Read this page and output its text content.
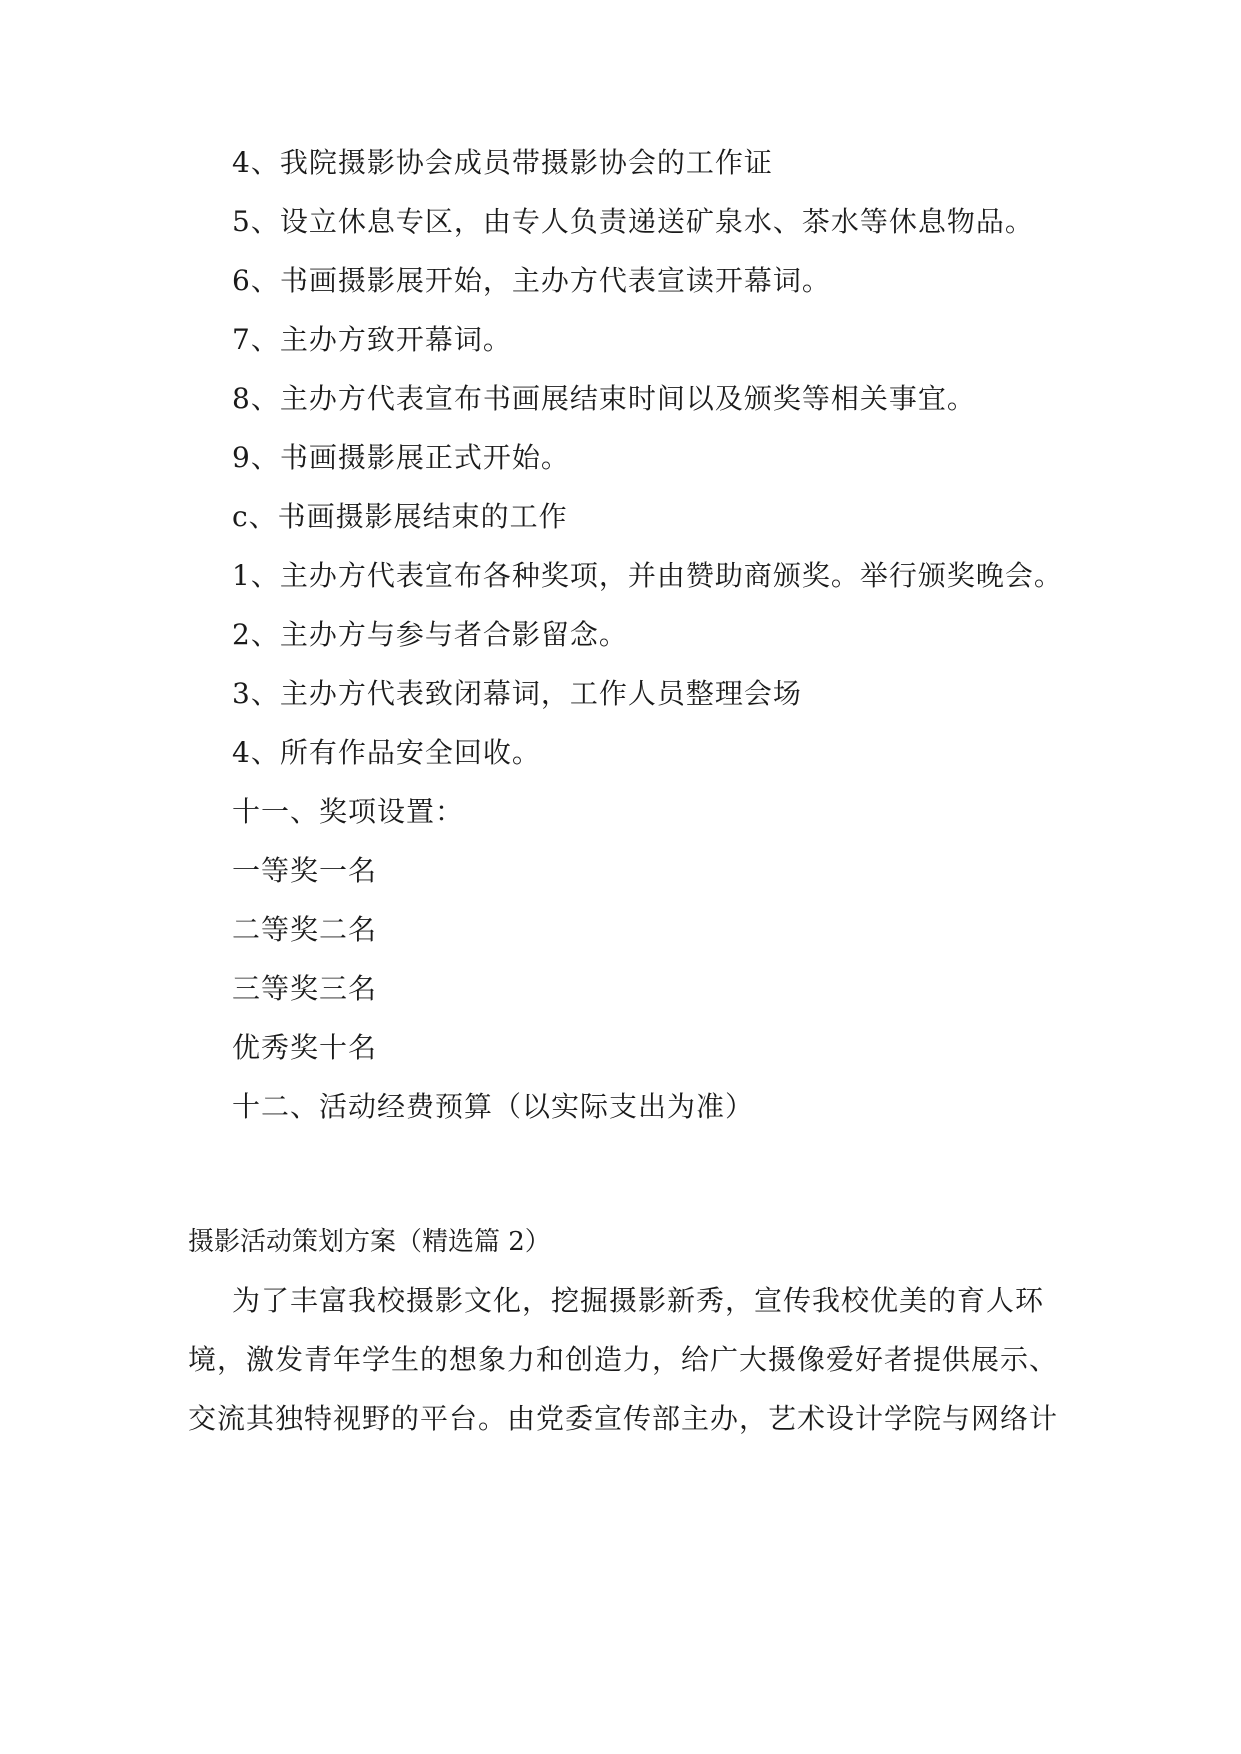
4、我院摄影协会成员带摄影协会的工作证
5、设立休息专区，由专人负责递送矿泉水、茶水等休息物品。
6、书画摄影展开始，主办方代表宣读开幕词。
7、主办方致开幕词。
8、主办方代表宣布书画展结束时间以及颁奖等相关事宜。
9、书画摄影展正式开始。
c、书画摄影展结束的工作
1、主办方代表宣布各种奖项，并由赞助商颁奖。举行颁奖晚会。
2、主办方与参与者合影留念。
3、主办方代表致闭幕词，工作人员整理会场
4、所有作品安全回收。
十一、奖项设置：
一等奖一名
二等奖二名
三等奖三名
优秀奖十名
十二、活动经费预算（以实际支出为准）
摄影活动策划方案（精选篇 2）
为了丰富我校摄影文化，挖掘摄影新秀，宣传我校优美的育人环
境，激发青年学生的想象力和创造力，给广大摄像爱好者提供展示、
交流其独特视野的平台。由党委宣传部主办，艺术设计学院与网络计
